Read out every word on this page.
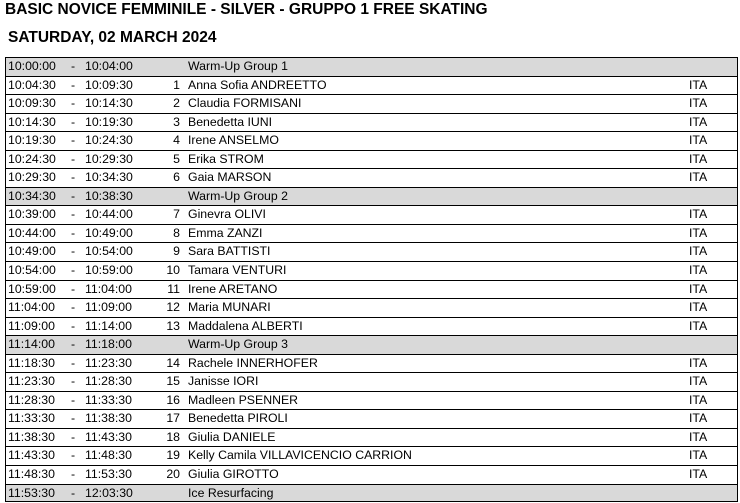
BASIC NOVICE FEMMINILE - SILVER - GRUPPO 1 FREE SKATING
SATURDAY, 02 MARCH 2024
10:00:00 - 10:04:00	Warm-Up Group 1
10:04:30 - 10:09:30	1 Anna Sofia ANDREETTO	ITA
10:09:30 - 10:14:30	2 Claudia FORMISANI	ITA
10:14:30 - 10:19:30	3 Benedetta IUNI	ITA
10:19:30 - 10:24:30	4 Irene ANSELMO	ITA
10:24:30 - 10:29:30	5 Erika STROM	ITA
10:29:30 - 10:34:30	6 Gaia MARSON	ITA
10:34:30 - 10:38:30	Warm-Up Group 2
10:39:00 - 10:44:00	7 Ginevra OLIVI	ITA
10:44:00 - 10:49:00	8 Emma ZANZI	ITA
10:49:00 - 10:54:00	9 Sara BATTISTI	ITA
10:54:00 - 10:59:00	10 Tamara VENTURI	ITA
10:59:00 - 11:04:00	11 Irene ARETANO	ITA
11:04:00 - 11:09:00	12 Maria MUNARI	ITA
11:09:00 - 11:14:00	13 Maddalena ALBERTI	ITA
11:14:00 - 11:18:00	Warm-Up Group 3
11:18:30 - 11:23:30	14 Rachele INNERHOFER	ITA
11:23:30 - 11:28:30	15 Janisse IORI	ITA
11:28:30 - 11:33:30	16 Madleen PSENNER	ITA
11:33:30 - 11:38:30	17 Benedetta PIROLI	ITA
11:38:30 - 11:43:30	18 Giulia DANIELE	ITA
11:43:30 - 11:48:30	19 Kelly Camila VILLAVICENCIO CARRION	ITA
11:48:30 - 11:53:30	20 Giulia GIROTTO	ITA
11:53:30 - 12:03:30	Ice Resurfacing
